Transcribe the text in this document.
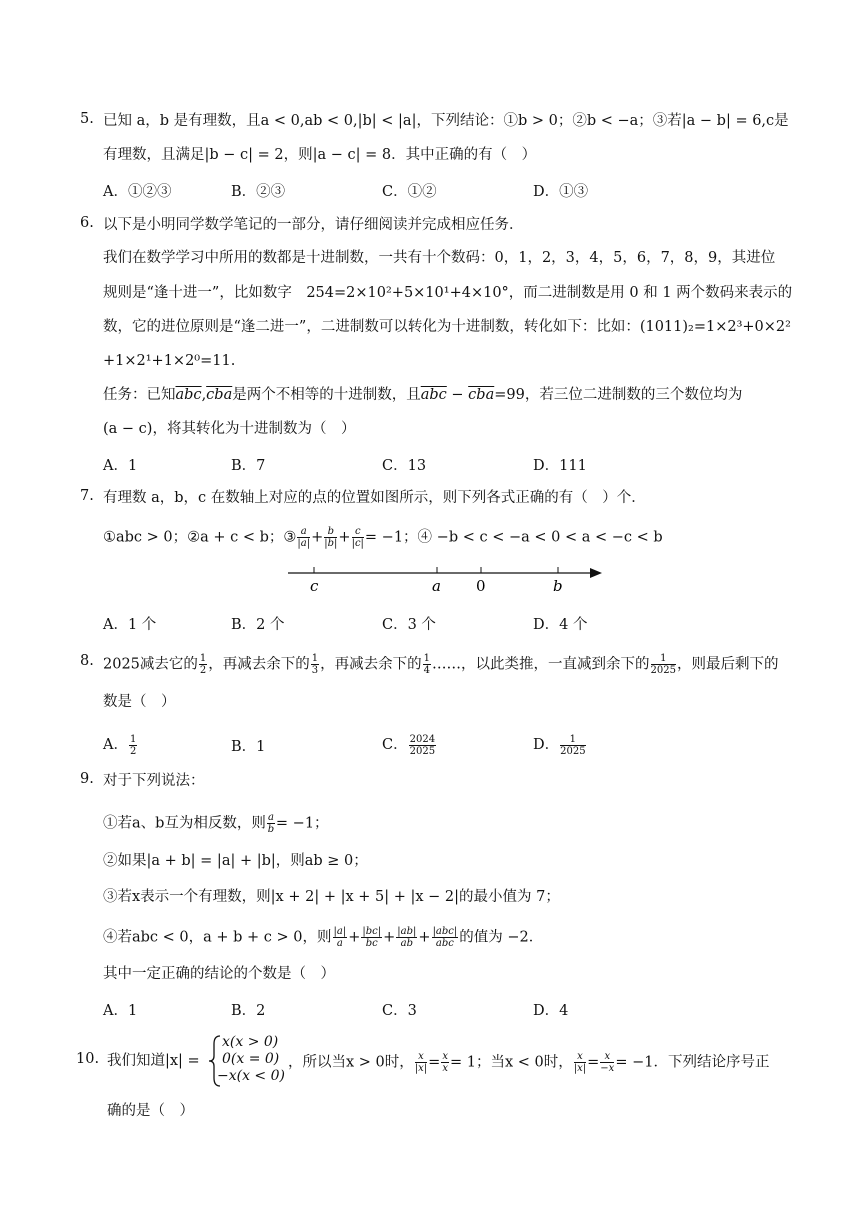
5. 已知 a，b 是有理数，且a < 0,ab < 0,|b| < |a|，下列结论：①b > 0；②b < −a；③若|a − b| = 6,c是
有理数，且满足|b − c| = 2，则|a − c| = 8．其中正确的有（　）
A．①②③	B．②③	C．①②	D．①③
6. 以下是小明同学数学笔记的一部分，请仔细阅读并完成相应任务．
我们在数学学习中所用的数都是十进制数，一共有十个数码：0，1，2，3，4，5，6，7，8，9，其进位
规则是“逢十进一”，比如数字　254=2×10²+5×10¹+4×10°，而二进制数是用 0 和 1 两个数码来表示的
数，它的进位原则是“逢二进一”，二进制数可以转化为十进制数，转化如下：比如：(1011)₂=1×2³+0×2²
+1×2¹+1×2⁰=11.
任务：已知$\overline{abc},\overline{cba}$是两个不相等的十进制数，且$\overline{abc} - \overline{cba}=99$，若三位二进制数的三个数位均为
(a − c)，将其转化为十进制数为（　）
A．1	B．7	C．13	D．111
7. 有理数 a，b，c 在数轴上对应的点的位置如图所示，则下列各式正确的有（　）个．
①abc > 0；②a + c < b；③ $\frac{a}{|a|} + \frac{b}{|b|} + \frac{c}{|c|} = -1$；④ −b < c < −a < 0 < a < −c < b
c	a 0	b
A．1 个	B．2 个	C．3 个	D．4 个
8. 2025减去它的 $\frac{1}{2}$ ，再减去余下的 $\frac{1}{3}$ ，再减去余下的 $\frac{1}{4}$ ……，以此类推，一直减到余下的 $\frac{1}{2025}$ ，则最后剩下的
数是（　）
A． $\frac{1}{2}$	B．1	C． $\frac{2024}{2025}$	D． $\frac{1}{2025}$
9. 对于下列说法：
①若a、b互为相反数，则 $\frac{a}{b} = -1$；
②如果|a + b| = |a| + |b|，则ab ≥ 0；
③若x表示一个有理数，则|x + 2| + |x + 5| + |x − 2|的最小值为 7；
④若abc < 0，a + b + c > 0，则 $\frac{|a|}{a} + \frac{|bc|}{bc} + \frac{|ab|}{ab} + \frac{\text{|abc|}}{\text{abc}}$ 的值为 −2．
其中一定正确的结论的个数是（　）
A．1	B．2	C．3	D．4
10. 我们知道|x| =
x(x > 0)
0(x = 0)
−x(x < 0)
，所以当x > 0时， $\frac{x}{|x|} = \frac{x}{x} = 1$；当x < 0时， $\frac{x}{|x|} = \frac{x}{-x} = -1$．下列结论序号正
确的是（　）
